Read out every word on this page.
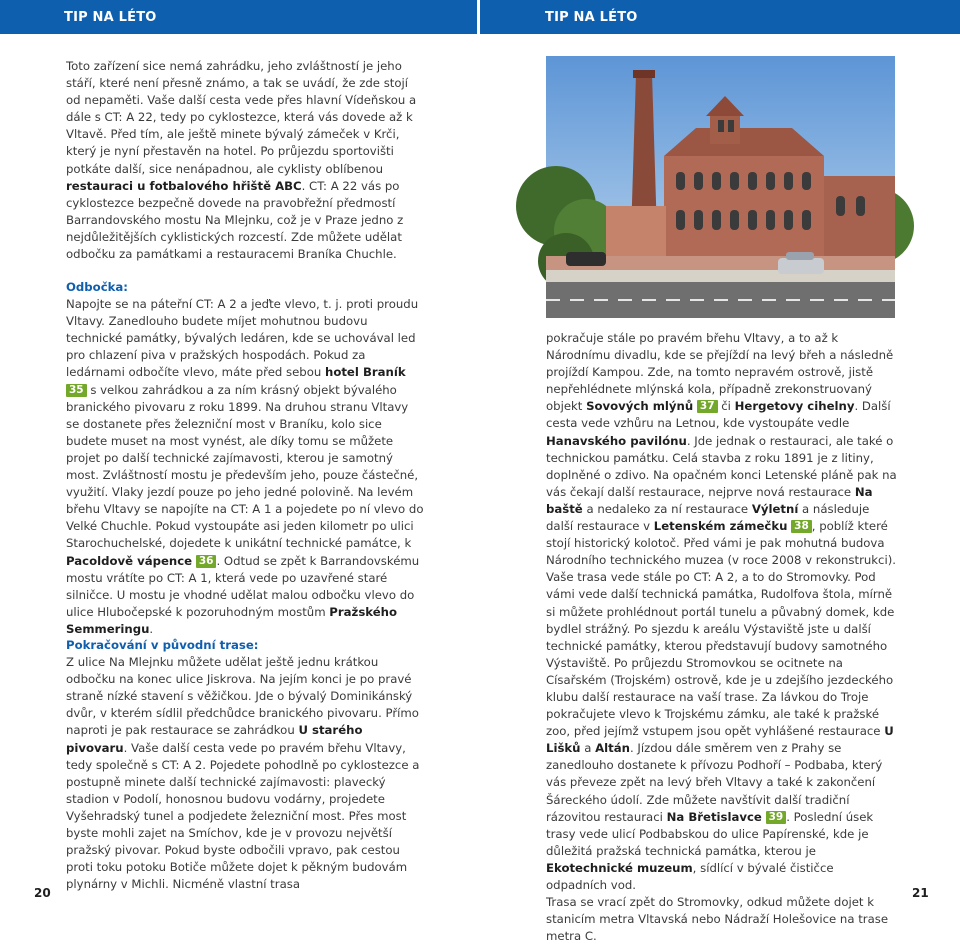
TIP NA LÉTO	TIP NA LÉTO

Toto zařízení sice nemá zahrádku, jeho zvláštností je jeho stáří, které není přesně známo, a tak se uvádí, že zde stojí od nepaměti. Vaše další cesta vede přes hlavní Vídeňskou a dále s CT: A 22, tedy po cyklostezce, která vás dovede až k Vltavě. Před tím, ale ještě minete bývalý zámeček v Krči, který je nyní přestavěn na hotel. Po průjezdu sportovišti potkáte další, sice nenápadnou, ale cyklisty oblíbenou restauraci u fotbalového hřiště ABC. CT: A 22 vás po cyklostezce bezpečně dovede na pravobřežní předmostí Barrandovského mostu Na Mlejnku, což je v Praze jedno z nejdůležitějších cyklistických rozcestí. Zde můžete udělat odbočku za památkami a restauracemi Braníka Chuchle.

Odbočka:

Napojte se na páteřní CT: A 2 a jeďte vlevo, t. j. proti proudu Vltavy. Zanedlouho budete míjet mohutnou budovu technické památky, bývalých ledáren, kde se uchovával led pro chlazení piva v pražských hospodách. Pokud za ledárnami odbočíte vlevo, máte před sebou hotel Braník 35 s velkou zahrádkou a za ním krásný objekt bývalého branického pivovaru z roku 1899. Na druhou stranu Vltavy se dostanete přes železniční most v Braníku, kolo sice budete muset na most vynést, ale díky tomu se můžete projet po další technické zajímavosti, kterou je samotný most. Zvláštností mostu je především jeho, pouze částečné, využití. Vlaky jezdí pouze po jeho jedné polovině. Na levém břehu Vltavy se napojíte na CT: A 1 a pojedete po ní vlevo do Velké Chuchle. Pokud vystoupáte asi jeden kilometr po ulici Starochuchelské, dojedete k unikátní technické památce, k Pacoldově vápence 36 . Odtud se zpět k Barrandovskému mostu vrátíte po CT: A 1, která vede po uzavřené staré silničce. U mostu je vhodné udělat malou odbočku vlevo do ulice Hlubočepské k pozoruhodným mostům Pražského Semmeringu.

Pokračování v původní trase:

Z ulice Na Mlejnku můžete udělat ještě jednu krátkou odbočku na konec ulice Jiskrova. Na jejím konci je po pravé straně nízké stavení s věžičkou. Jde o bývalý Dominikánský dvůr, v kterém sídlil předchůdce branického pivovaru. Přímo naproti je pak restaurace se zahrádkou U starého pivovaru. Vaše další cesta vede po pravém břehu Vltavy, tedy společně s CT: A 2. Pojedete pohodlně po cyklostezce a postupně minete další technické zajímavosti: plavecký stadion v Podolí, honosnou budovu vodárny, projedete Vyšehradský tunel a podjedete železniční most. Přes most byste mohli zajet na Smíchov, kde je v provozu největší pražský pivovar. Pokud byste odbočili vpravo, pak cestou proti toku potoku Botiče můžete dojet k pěkným budovám plynárny v Michli. Nicméně vlastní trasa

pokračuje stále po pravém břehu Vltavy, a to až k Národnímu divadlu, kde se přejíždí na levý břeh a následně projíždí Kampou. Zde, na tomto nepravém ostrově, jistě nepřehlédnete mlýnská kola, případně zrekonstruovaný objekt Sovových mlýnů 37 či Hergetovy cihelny. Další cesta vede vzhůru na Letnou, kde vystoupáte vedle Hanavského pavilónu. Jde jednak o restauraci, ale také o technickou památku. Celá stavba z roku 1891 je z litiny, doplněné o zdivo. Na opačném konci Letenské pláně pak na vás čekají další restaurace, nejprve nová restaurace Na baště a nedaleko za ní restaurace Výletní a následuje další restaurace v Letenském zámečku 38 , poblíž které stojí historický kolotoč. Před vámi je pak mohutná budova Národního technického muzea (v roce 2008 v rekonstrukci). Vaše trasa vede stále po CT: A 2, a to do Stromovky. Pod vámi vede další technická památka, Rudolfova štola, mírně si můžete prohlédnout portál tunelu a půvabný domek, kde bydlel strážný. Po sjezdu k areálu Výstaviště jste u další technické památky, kterou představují budovy samotného Výstaviště. Po průjezdu Stromovkou se ocitnete na Císařském (Trojském) ostrově, kde je u zdejšího jezdeckého klubu další restaurace na vaší trase. Za lávkou do Troje pokračujete vlevo k Trojskému zámku, ale také k pražské zoo, před jejímž vstupem jsou opět vyhlášené restaurace U Lišků a Altán. Jízdou dále směrem ven z Prahy se zanedlouho dostanete k přívozu Podhoří – Podbaba, který vás převeze zpět na levý břeh Vltavy a také k zakončení Šáreckého údolí. Zde můžete navštívit další tradiční rázovitou restauraci Na Břetislavce 39 . Poslední úsek trasy vede ulicí Podbabskou do ulice Papírenské, kde je důležitá pražská technická památka, kterou je Ekotechnické muzeum, sídlící v bývalé čističce odpadních vod.

Trasa se vrací zpět do Stromovky, odkud můžete dojet k stanicím metra Vltavská nebo Nádraží Holešovice na trase metra C.

20	21
